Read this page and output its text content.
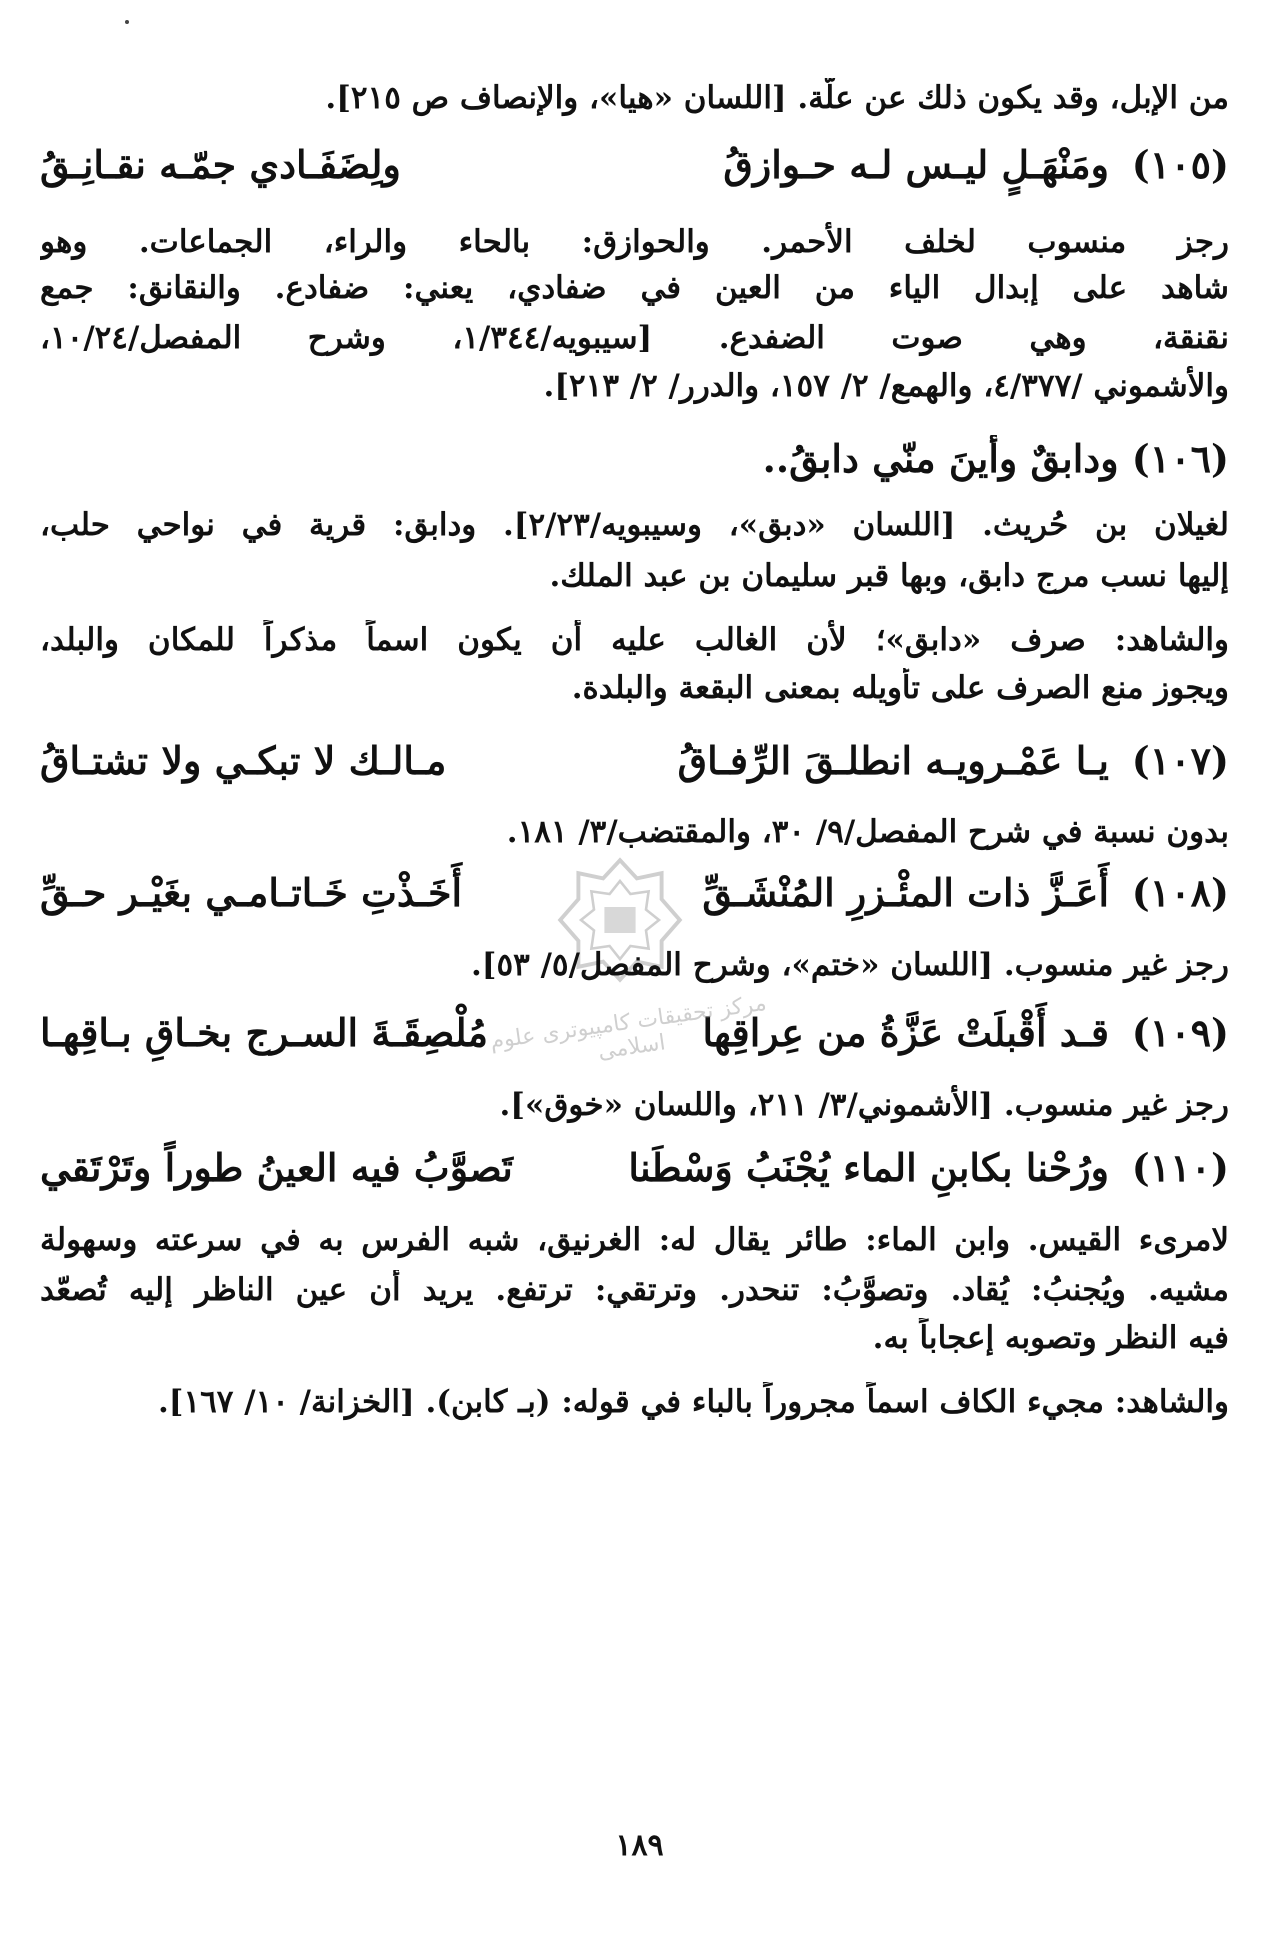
من الإبل، وقد يكون ذلك عن علّة. [اللسان «هيا»، والإنصاف ص ٢١٥].
(١٠٥)
ومَنْهَـلٍ ليـس لـه حـوازقُ
ولِضَفَـادي جمّـه نقـانِـقُ
رجز منسوب لخلف الأحمر. والحوازق: بالحاء والراء، الجماعات. وهو
شاهد على إبدال الياء من العين في ضفادي، يعني: ضفادع. والنقانق: جمع
نقنقة، وهي صوت الضفدع. [سيبويه/١/٣٤٤، وشرح المفصل/١٠/٢٤،
والأشموني /٤/٣٧٧، والهمع/ ٢/ ١٥٧، والدرر/ ٢/ ٢١٣].
(١٠٦) ودابقٌ وأينَ منّي دابقُ..
لغيلان بن حُريث. [اللسان «دبق»، وسيبويه/٢/٢٣]. ودابق: قرية في نواحي حلب،
إليها نسب مرج دابق، وبها قبر سليمان بن عبد الملك.
والشاهد: صرف «دابق»؛ لأن الغالب عليه أن يكون اسماً مذكراً للمكان والبلد،
ويجوز منع الصرف على تأويله بمعنى البقعة والبلدة.
(١٠٧)
يـا عَمْـرويـه انطلـقَ الرِّفـاقُ
مـالـك لا تبكـي ولا تشتـاقُ
بدون نسبة في شرح المفصل/٩/ ٣٠، والمقتضب/٣/ ١٨١.
(١٠٨)
أَعَـزَّ ذات المئْـزرِ المُنْشَـقِّ
أَخَـذْتِ خَـاتـامـي بغَيْـر حـقِّ
رجز غير منسوب. [اللسان «ختم»، وشرح المفصل/٥/ ٥٣].
(١٠٩)
قـد أَقْبلَتْ عَزَّةُ من عِراقِها
مُلْصِقَـةَ السـرج بخـاقِ بـاقِهـا
رجز غير منسوب. [الأشموني/٣/ ٢١١، واللسان «خوق»].
(١١٠)
ورُحْنا بكابنِ الماء يُجْنَبُ وَسْطَنا
تَصوَّبُ فيه العينُ طوراً وتَرْتَقي
لامرىء القيس. وابن الماء: طائر يقال له: الغرنيق، شبه الفرس به في سرعته وسهولة
مشيه. ويُجنبُ: يُقاد. وتصوَّبُ: تنحدر. وترتقي: ترتفع. يريد أن عين الناظر إليه تُصعّد
فيه النظر وتصوبه إعجاباً به.
والشاهد: مجيء الكاف اسماً مجروراً بالباء في قوله: (بـ كابن). [الخزانة/ ١٠/ ١٦٧].
مركز تحقيقات كامپيوترى علوم اسلامى
١٨٩
